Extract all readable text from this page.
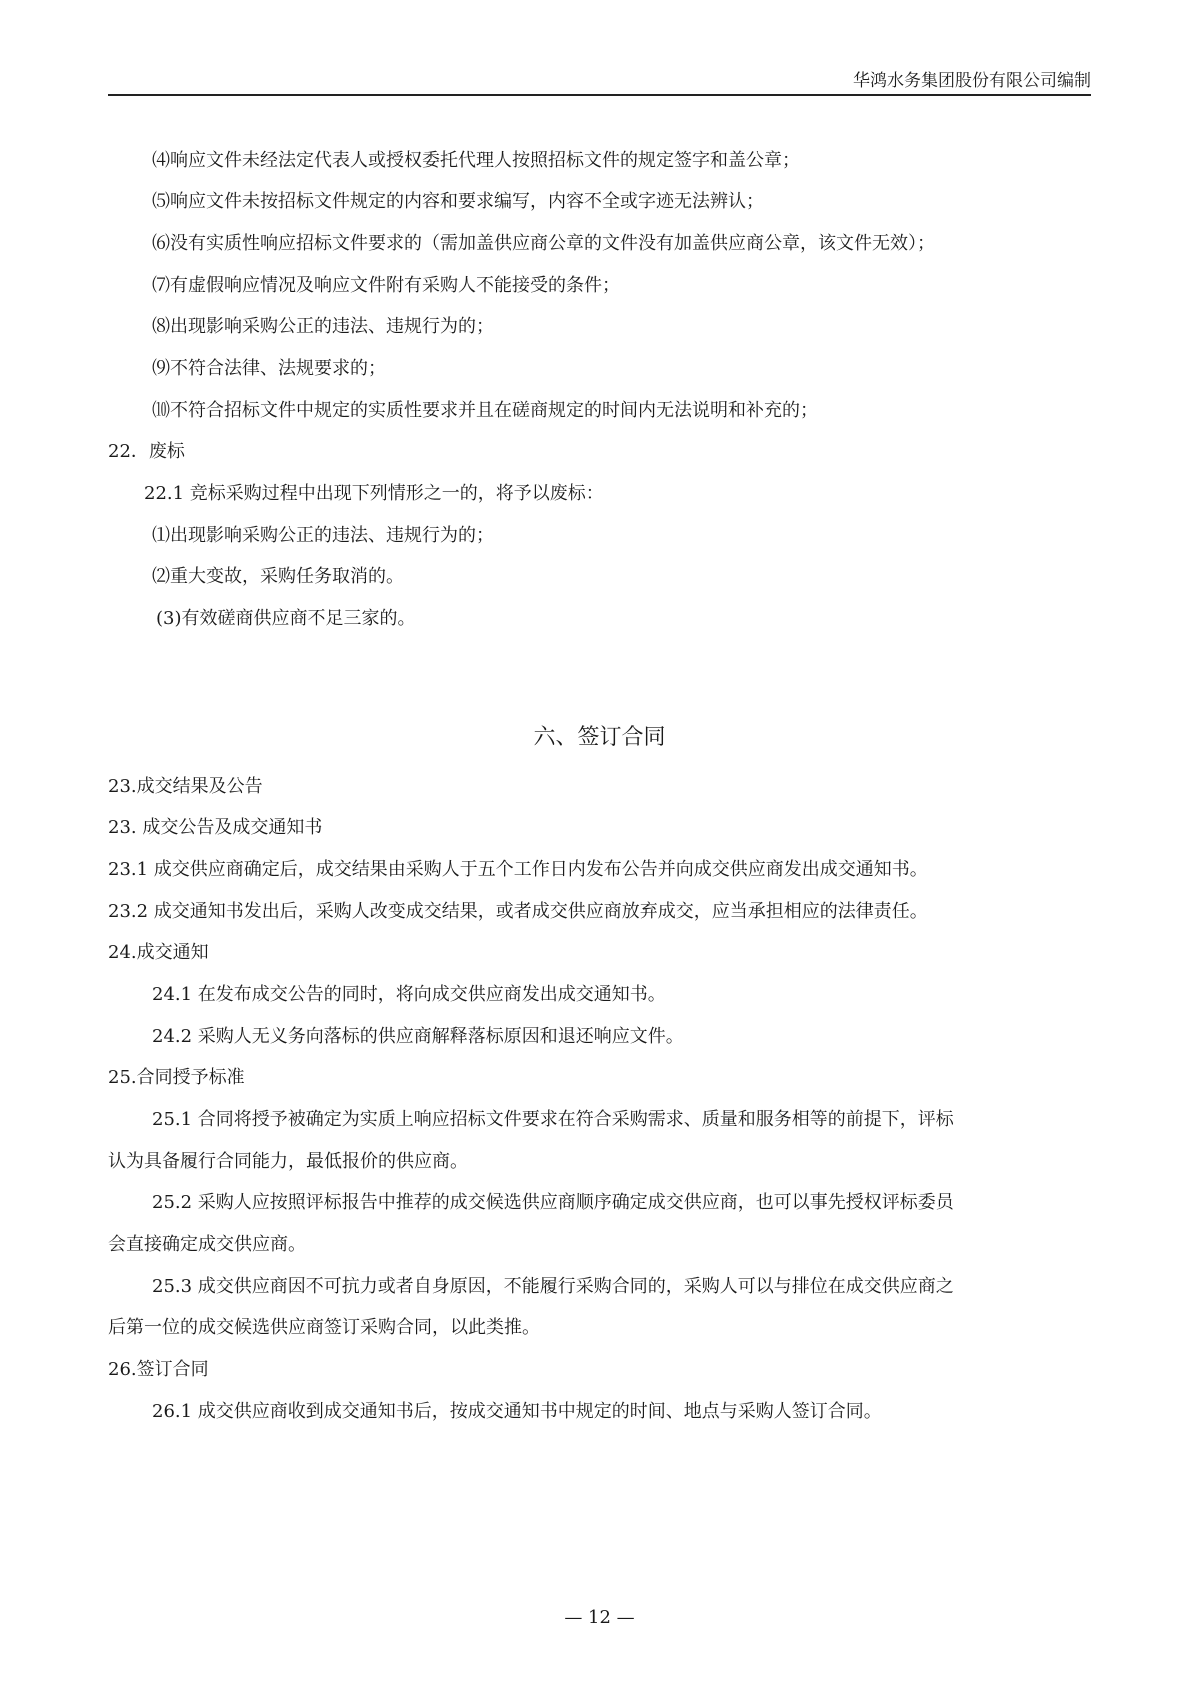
华鸿水务集团股份有限公司编制
⑷响应文件未经法定代表人或授权委托代理人按照招标文件的规定签字和盖公章；
⑸响应文件未按招标文件规定的内容和要求编写，内容不全或字迹无法辨认；
⑹没有实质性响应招标文件要求的（需加盖供应商公章的文件没有加盖供应商公章，该文件无效）；
⑺有虚假响应情况及响应文件附有采购人不能接受的条件；
⑻出现影响采购公正的违法、违规行为的；
⑼不符合法律、法规要求的；
⑽不符合招标文件中规定的实质性要求并且在磋商规定的时间内无法说明和补充的；
22．废标
22.1 竞标采购过程中出现下列情形之一的，将予以废标：
⑴出现影响采购公正的违法、违规行为的；
⑵重大变故，采购任务取消的。
(3)有效磋商供应商不足三家的。
六、签订合同
23.成交结果及公告
23. 成交公告及成交通知书
23.1 成交供应商确定后，成交结果由采购人于五个工作日内发布公告并向成交供应商发出成交通知书。
23.2 成交通知书发出后，采购人改变成交结果，或者成交供应商放弃成交，应当承担相应的法律责任。
24.成交通知
24.1 在发布成交公告的同时，将向成交供应商发出成交通知书。
24.2 采购人无义务向落标的供应商解释落标原因和退还响应文件。
25.合同授予标准
25.1 合同将授予被确定为实质上响应招标文件要求在符合采购需求、质量和服务相等的前提下，评标
认为具备履行合同能力，最低报价的供应商。
25.2 采购人应按照评标报告中推荐的成交候选供应商顺序确定成交供应商，也可以事先授权评标委员
会直接确定成交供应商。
25.3 成交供应商因不可抗力或者自身原因，不能履行采购合同的，采购人可以与排位在成交供应商之
后第一位的成交候选供应商签订采购合同，以此类推。
26.签订合同
26.1 成交供应商收到成交通知书后，按成交通知书中规定的时间、地点与采购人签订合同。
— 12 —
